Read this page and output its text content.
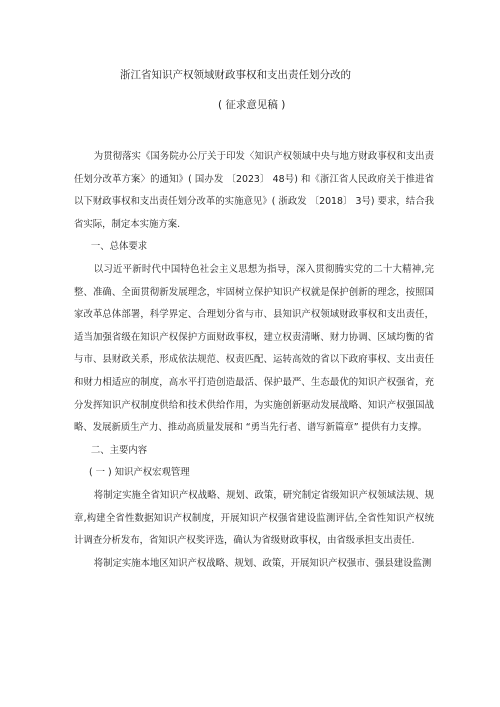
浙江省知识产权领域财政事权和支出责任划分改的
( 征求意见稿 )

为贯彻落实《国务院办公厅关于印发〈知识产权领域中央与地方财政事权和支出责任划分改革方案〉的通知》( 国办发 〔2023〕 48号) 和《浙江省人民政府关于推进省以下财政事权和支出责任划分改革的实施意见》( 浙政发 〔2018〕 3号) 要求，结合我省实际，制定本实施方案.

一、总体要求

以习近平新时代中国特色社会主义思想为指导，深入贯彻腾实党的二十大精神,完整、准确、全面贯彻新发展理念，牢固树立保护知识产权就是保护创新的理念，按照国家改革总体部署，科学界定、合理划分省与市、县知识产权领域财政事权和支出责任，适当加强省级在知识产权保护方面财政事权，建立权责清晰、财力协调、区域均衡的省与市、县财政关系，形成依法规范、权责匹配、运转高效的省以下政府事权、支出责任和财力相适应的制度，高水平打造创造最活、保护最严、生态最优的知识产权强省，充分发挥知识产权制度供给和技术供给作用，为实施创新驱动发展战略、知识产权强国战略、发展新质生产力、推动高质量发展和 “勇当先行者、谱写新篇章” 提供有力支撑。

二、主要内容

( 一 ) 知识产权宏观管理

将制定实施全省知识产权战略、规划、政策，研究制定省级知识产权领域法规、规章,构建全省性数据知识产权制度，开展知识产权强省建设监测评估,全省性知识产权统计调查分析发布，省知识产权奖评选，确认为省级财政事权，由省级承担支出责任.

将制定实施本地区知识产权战略、规划、政策，开展知识产权强市、强县建设监测
